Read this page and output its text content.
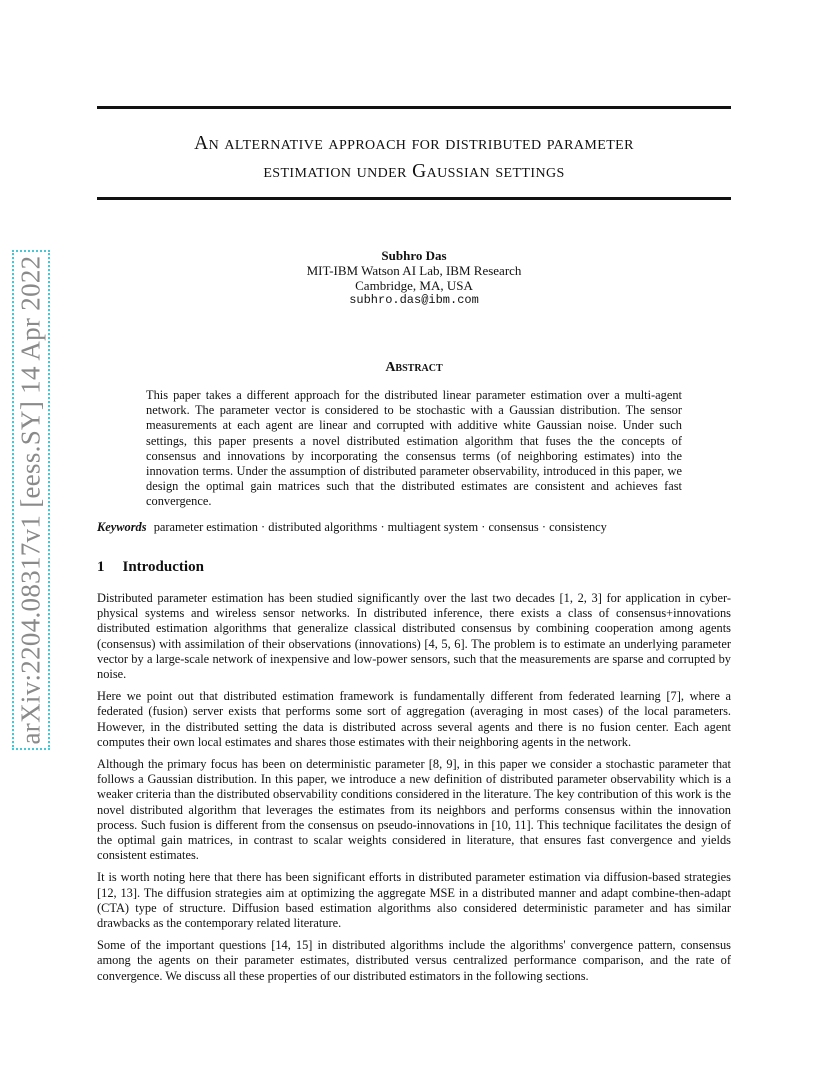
An alternative approach for distributed parameter
estimation under Gaussian settings
Subhro Das
MIT-IBM Watson AI Lab, IBM Research
Cambridge, MA, USA
subhro.das@ibm.com
Abstract

This paper takes a different approach for the distributed linear parameter estimation over a multi-agent network. The parameter vector is considered to be stochastic with a Gaussian distribution. The sensor measurements at each agent are linear and corrupted with additive white Gaussian noise. Under such settings, this paper presents a novel distributed estimation algorithm that fuses the the concepts of consensus and innovations by incorporating the consensus terms (of neighboring estimates) into the innovation terms. Under the assumption of distributed parameter observability, introduced in this paper, we design the optimal gain matrices such that the distributed estimates are consistent and achieves fast convergence.

Keywords parameter estimation · distributed algorithms · multiagent system · consensus · consistency

1 Introduction

Distributed parameter estimation has been studied significantly over the last two decades [1, 2, 3] for application in cyber-physical systems and wireless sensor networks. In distributed inference, there exists a class of consensus+innovations distributed estimation algorithms that generalize classical distributed consensus by combining cooperation among agents (consensus) with assimilation of their observations (innovations) [4, 5, 6]. The problem is to estimate an underlying parameter vector by a large-scale network of inexpensive and low-power sensors, such that the measurements are sparse and corrupted by noise.

Here we point out that distributed estimation framework is fundamentally different from federated learning [7], where a federated (fusion) server exists that performs some sort of aggregation (averaging in most cases) of the local parameters. However, in the distributed setting the data is distributed across several agents and there is no fusion center. Each agent computes their own local estimates and shares those estimates with their neighboring agents in the network.

Although the primary focus has been on deterministic parameter [8, 9], in this paper we consider a stochastic parameter that follows a Gaussian distribution. In this paper, we introduce a new definition of distributed parameter observability which is a weaker criteria than the distributed observability conditions considered in the literature. The key contribution of this work is the novel distributed algorithm that leverages the estimates from its neighbors and performs consensus within the innovation process. Such fusion is different from the consensus on pseudo-innovations in [10, 11]. This technique facilitates the design of the optimal gain matrices, in contrast to scalar weights considered in literature, that ensures fast convergence and yields consistent estimates.

It is worth noting here that there has been significant efforts in distributed parameter estimation via diffusion-based strategies [12, 13]. The diffusion strategies aim at optimizing the aggregate MSE in a distributed manner and adapt combine-then-adapt (CTA) type of structure. Diffusion based estimation algorithms also considered deterministic parameter and has similar drawbacks as the contemporary related literature.

Some of the important questions [14, 15] in distributed algorithms include the algorithms' convergence pattern, consensus among the agents on their parameter estimates, distributed versus centralized performance comparison, and the rate of convergence. We discuss all these properties of our distributed estimators in the following sections.

arXiv:2204.08317v1 [eess.SY] 14 Apr 2022
